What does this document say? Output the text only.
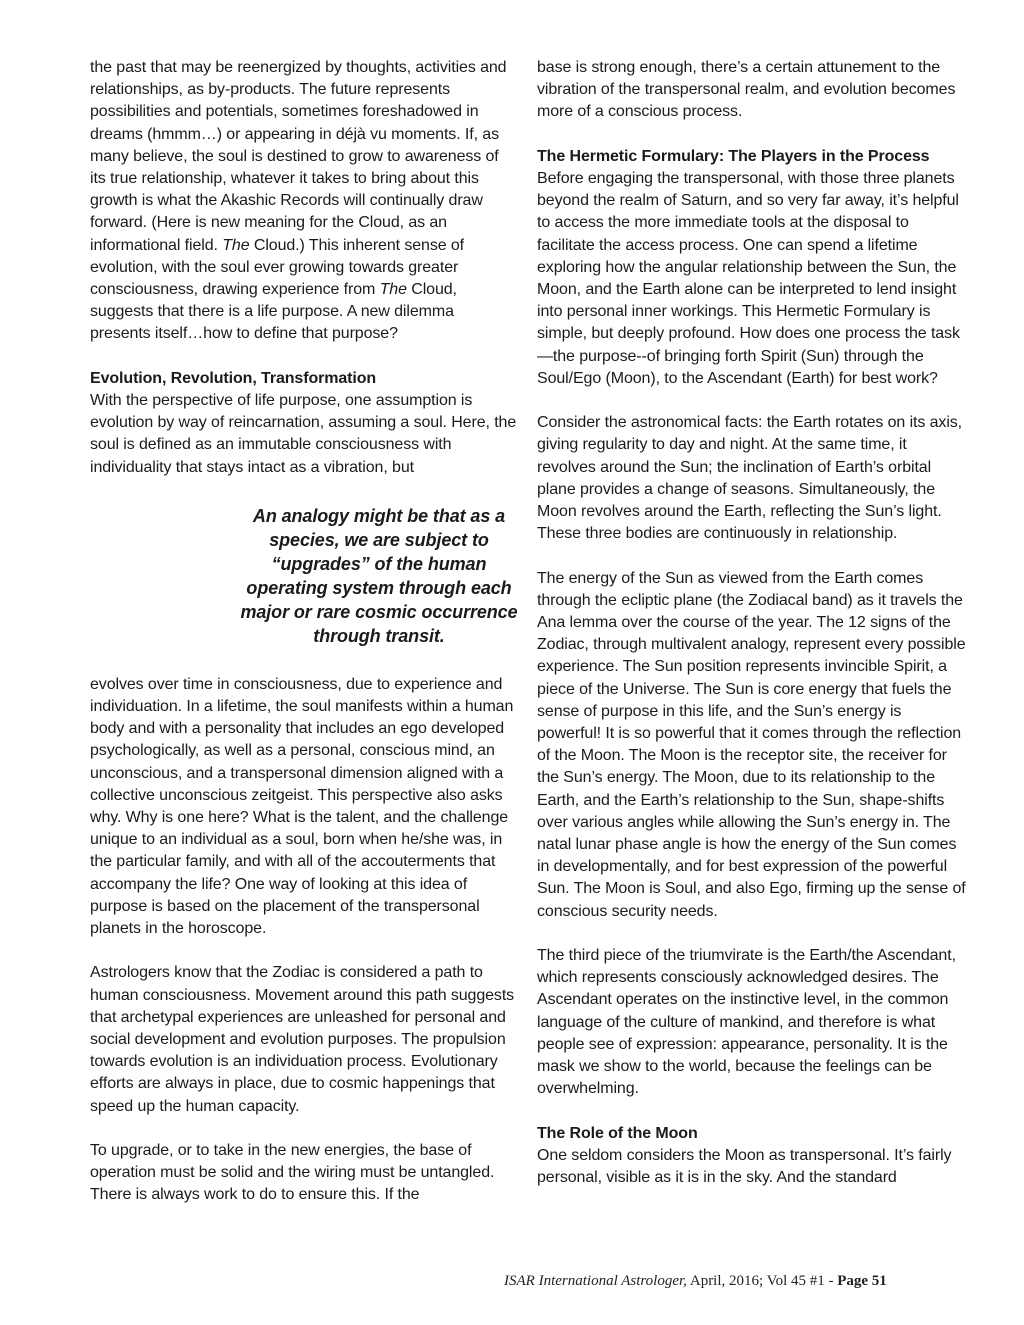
the past that may be reenergized by thoughts, activities and relationships, as by-products. The future represents possibilities and potentials, sometimes foreshadowed in dreams (hmmm…) or appearing in déjà vu moments. If, as many believe, the soul is destined to grow to awareness of its true relationship, whatever it takes to bring about this growth is what the Akashic Records will continually draw forward. (Here is new meaning for the Cloud, as an informational field. The Cloud.) This inherent sense of evolution, with the soul ever growing towards greater consciousness, drawing experience from The Cloud, suggests that there is a life purpose. A new dilemma presents itself…how to define that purpose?

Evolution, Revolution, Transformation

With the perspective of life purpose, one assumption is evolution by way of reincarnation, assuming a soul. Here, the soul is defined as an immutable consciousness with individuality that stays intact as a vibration, but

An analogy might be that as a species, we are subject to “upgrades” of the human operating system through each major or rare cosmic occurrence through transit.

evolves over time in consciousness, due to experience and individuation. In a lifetime, the soul manifests within a human body and with a personality that includes an ego developed psychologically, as well as a personal, conscious mind, an unconscious, and a transpersonal dimension aligned with a collective unconscious zeitgeist. This perspective also asks why. Why is one here? What is the talent, and the challenge unique to an individual as a soul, born when he/she was, in the particular family, and with all of the accouterments that accompany the life? One way of looking at this idea of purpose is based on the placement of the transpersonal planets in the horoscope.

Astrologers know that the Zodiac is considered a path to human consciousness. Movement around this path suggests that archetypal experiences are unleashed for personal and social development and evolution purposes. The propulsion towards evolution is an individuation process. Evolutionary efforts are always in place, due to cosmic happenings that speed up the human capacity.

To upgrade, or to take in the new energies, the base of operation must be solid and the wiring must be untangled. There is always work to do to ensure this. If the

base is strong enough, there’s a certain attunement to the vibration of the transpersonal realm, and evolution becomes more of a conscious process.

The Hermetic Formulary: The Players in the Process

Before engaging the transpersonal, with those three planets beyond the realm of Saturn, and so very far away, it’s helpful to access the more immediate tools at the disposal to facilitate the access process. One can spend a lifetime exploring how the angular relationship between the Sun, the Moon, and the Earth alone can be interpreted to lend insight into personal inner workings. This Hermetic Formulary is simple, but deeply profound. How does one process the task—the purpose--of bringing forth Spirit (Sun) through the Soul/Ego (Moon), to the Ascendant (Earth) for best work?

Consider the astronomical facts: the Earth rotates on its axis, giving regularity to day and night. At the same time, it revolves around the Sun; the inclination of Earth’s orbital plane provides a change of seasons. Simultaneously, the Moon revolves around the Earth, reflecting the Sun’s light. These three bodies are continuously in relationship.

The energy of the Sun as viewed from the Earth comes through the ecliptic plane (the Zodiacal band) as it travels the Ana lemma over the course of the year. The 12 signs of the Zodiac, through multivalent analogy, represent every possible experience. The Sun position represents invincible Spirit, a piece of the Universe. The Sun is core energy that fuels the sense of purpose in this life, and the Sun’s energy is powerful! It is so powerful that it comes through the reflection of the Moon. The Moon is the receptor site, the receiver for the Sun’s energy. The Moon, due to its relationship to the Earth, and the Earth’s relationship to the Sun, shape-shifts over various angles while allowing the Sun’s energy in. The natal lunar phase angle is how the energy of the Sun comes in developmentally, and for best expression of the powerful Sun. The Moon is Soul, and also Ego, firming up the sense of conscious security needs.

The third piece of the triumvirate is the Earth/the Ascendant, which represents consciously acknowledged desires. The Ascendant operates on the instinctive level, in the common language of the culture of mankind, and therefore is what people see of expression: appearance, personality. It is the mask we show to the world, because the feelings can be overwhelming.

The Role of the Moon

One seldom considers the Moon as transpersonal. It’s fairly personal, visible as it is in the sky. And the standard

ISAR International Astrologer, April, 2016; Vol 45 #1 - Page 51
